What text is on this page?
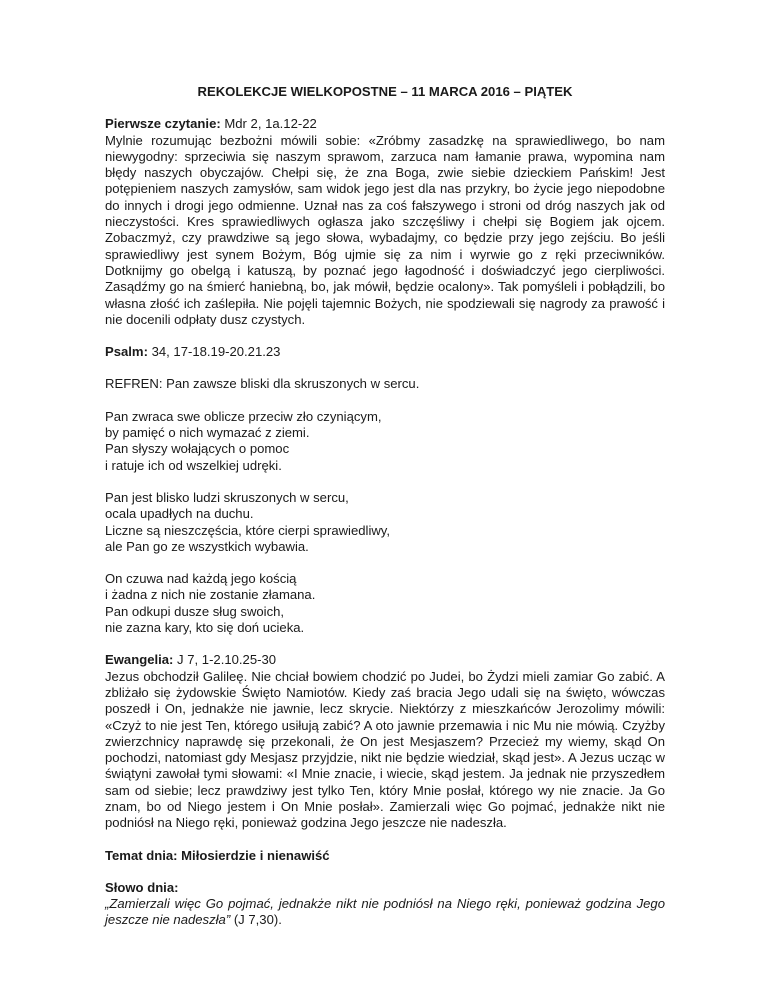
REKOLEKCJE WIELKOPOSTNE – 11 MARCA 2016 – PIĄTEK

Pierwsze czytanie: Mdr 2, 1a.12-22
Mylnie rozumując bezbożni mówili sobie: «Zróbmy zasadzkę na sprawiedliwego, bo nam niewygodny: sprzeciwia się naszym sprawom, zarzuca nam łamanie prawa, wypomina nam błędy naszych obyczajów. Chełpi się, że zna Boga, zwie siebie dzieckiem Pańskim! Jest potępieniem naszych zamysłów, sam widok jego jest dla nas przykry, bo życie jego niepodobne do innych i drogi jego odmienne. Uznał nas za coś fałszywego i stroni od dróg naszych jak od nieczystości. Kres sprawiedliwych ogłasza jako szczęśliwy i chełpi się Bogiem jak ojcem. Zobaczmyż, czy prawdziwe są jego słowa, wybadajmy, co będzie przy jego zejściu. Bo jeśli sprawiedliwy jest synem Bożym, Bóg ujmie się za nim i wyrwie go z ręki przeciwników. Dotknijmy go obelgą i katuszą, by poznać jego łagodność i doświadczyć jego cierpliwości. Zasądźmy go na śmierć haniebną, bo, jak mówił, będzie ocalony». Tak pomyśleli i pobłądzili, bo własna złość ich zaślepiła. Nie pojęli tajemnic Bożych, nie spodziewali się nagrody za prawość i nie docenili odpłaty dusz czystych.

Psalm: 34, 17-18.19-20.21.23

REFREN: Pan zawsze bliski dla skruszonych w sercu.

Pan zwraca swe oblicze przeciw zło czyniącym,
by pamięć o nich wymazać z ziemi.
Pan słyszy wołających o pomoc
i ratuje ich od wszelkiej udręki.

Pan jest blisko ludzi skruszonych w sercu,
ocala upadłych na duchu.
Liczne są nieszczęścia, które cierpi sprawiedliwy,
ale Pan go ze wszystkich wybawia.

On czuwa nad każdą jego kością
i żadna z nich nie zostanie złamana.
Pan odkupi dusze sług swoich,
nie zazna kary, kto się doń ucieka.

Ewangelia: J 7, 1-2.10.25-30
Jezus obchodził Galileę. Nie chciał bowiem chodzić po Judei, bo Żydzi mieli zamiar Go zabić. A zbliżało się żydowskie Święto Namiotów. Kiedy zaś bracia Jego udali się na święto, wówczas poszedł i On, jednakże nie jawnie, lecz skrycie. Niektórzy z mieszkańców Jerozolimy mówili: «Czyż to nie jest Ten, którego usiłują zabić? A oto jawnie przemawia i nic Mu nie mówią. Czyżby zwierzchnicy naprawdę się przekonali, że On jest Mesjaszem? Przecież my wiemy, skąd On pochodzi, natomiast gdy Mesjasz przyjdzie, nikt nie będzie wiedział, skąd jest». A Jezus ucząc w świątyni zawołał tymi słowami: «I Mnie znacie, i wiecie, skąd jestem. Ja jednak nie przyszedłem sam od siebie; lecz prawdziwy jest tylko Ten, który Mnie posłał, którego wy nie znacie. Ja Go znam, bo od Niego jestem i On Mnie posłał». Zamierzali więc Go pojmać, jednakże nikt nie podniósł na Niego ręki, ponieważ godzina Jego jeszcze nie nadeszła.

Temat dnia: Miłosierdzie i nienawiść

Słowo dnia:
„Zamierzali więc Go pojmać, jednakże nikt nie podniósł na Niego ręki, ponieważ godzina Jego jeszcze nie nadeszła” (J 7,30).
